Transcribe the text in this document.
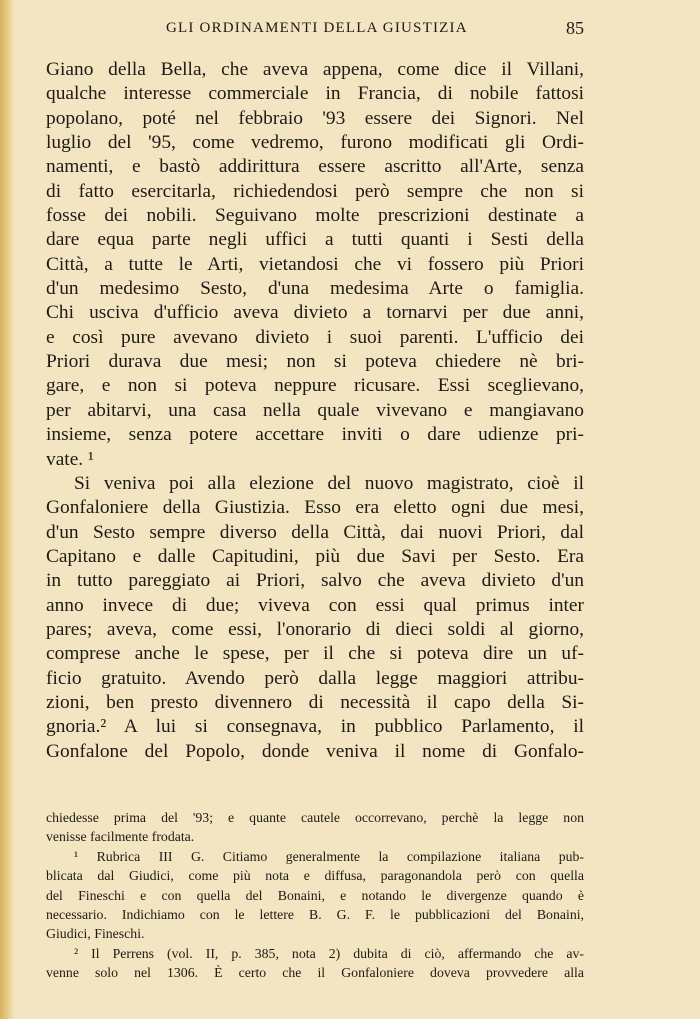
GLI ORDINAMENTI DELLA GIUSTIZIA	85
Giano della Bella, che aveva appena, come dice il Villani,
qualche interesse commerciale in Francia, di nobile fattosi
popolano, poté nel febbraio '93 essere dei Signori. Nel
luglio del '95, come vedremo, furono modificati gli Ordi-
namenti, e bastò addirittura essere ascritto all'Arte, senza
di fatto esercitarla, richiedendosi però sempre che non si
fosse dei nobili. Seguivano molte prescrizioni destinate a
dare equa parte negli uffici a tutti quanti i Sesti della
Città, a tutte le Arti, vietandosi che vi fossero più Priori
d'un medesimo Sesto, d'una medesima Arte o famiglia.
Chi usciva d'ufficio aveva divieto a tornarvi per due anni,
e così pure avevano divieto i suoi parenti. L'ufficio dei
Priori durava due mesi; non si poteva chiedere nè bri-
gare, e non si poteva neppure ricusare. Essi sceglievano,
per abitarvi, una casa nella quale vivevano e mangiavano
insieme, senza potere accettare inviti o dare udienze pri-
vate. ¹
Si veniva poi alla elezione del nuovo magistrato, cioè il
Gonfaloniere della Giustizia. Esso era eletto ogni due mesi,
d'un Sesto sempre diverso della Città, dai nuovi Priori, dal
Capitano e dalle Capitudini, più due Savi per Sesto. Era
in tutto pareggiato ai Priori, salvo che aveva divieto d'un
anno invece di due; viveva con essi qual primus inter
pares; aveva, come essi, l'onorario di dieci soldi al giorno,
comprese anche le spese, per il che si poteva dire un uf-
ficio gratuito. Avendo però dalla legge maggiori attribu-
zioni, ben presto divennero di necessità il capo della Si-
gnoria.² A lui si consegnava, in pubblico Parlamento, il
Gonfalone del Popolo, donde veniva il nome di Gonfalo-
chiedesse prima del '93; e quante cautele occorrevano, perchè la legge non
venisse facilmente frodata.
¹ Rubrica III G. Citiamo generalmente la compilazione italiana pub-
blicata dal Giudici, come più nota e diffusa, paragonandola però con quella
del Fineschi e con quella del Bonaini, e notando le divergenze quando è
necessario. Indichiamo con le lettere B. G. F. le pubblicazioni del Bonaini,
Giudici, Fineschi.
² Il Perrens (vol. II, p. 385, nota 2) dubita di ciò, affermando che av-
venne solo nel 1306. È certo che il Gonfaloniere doveva provvedere alla
